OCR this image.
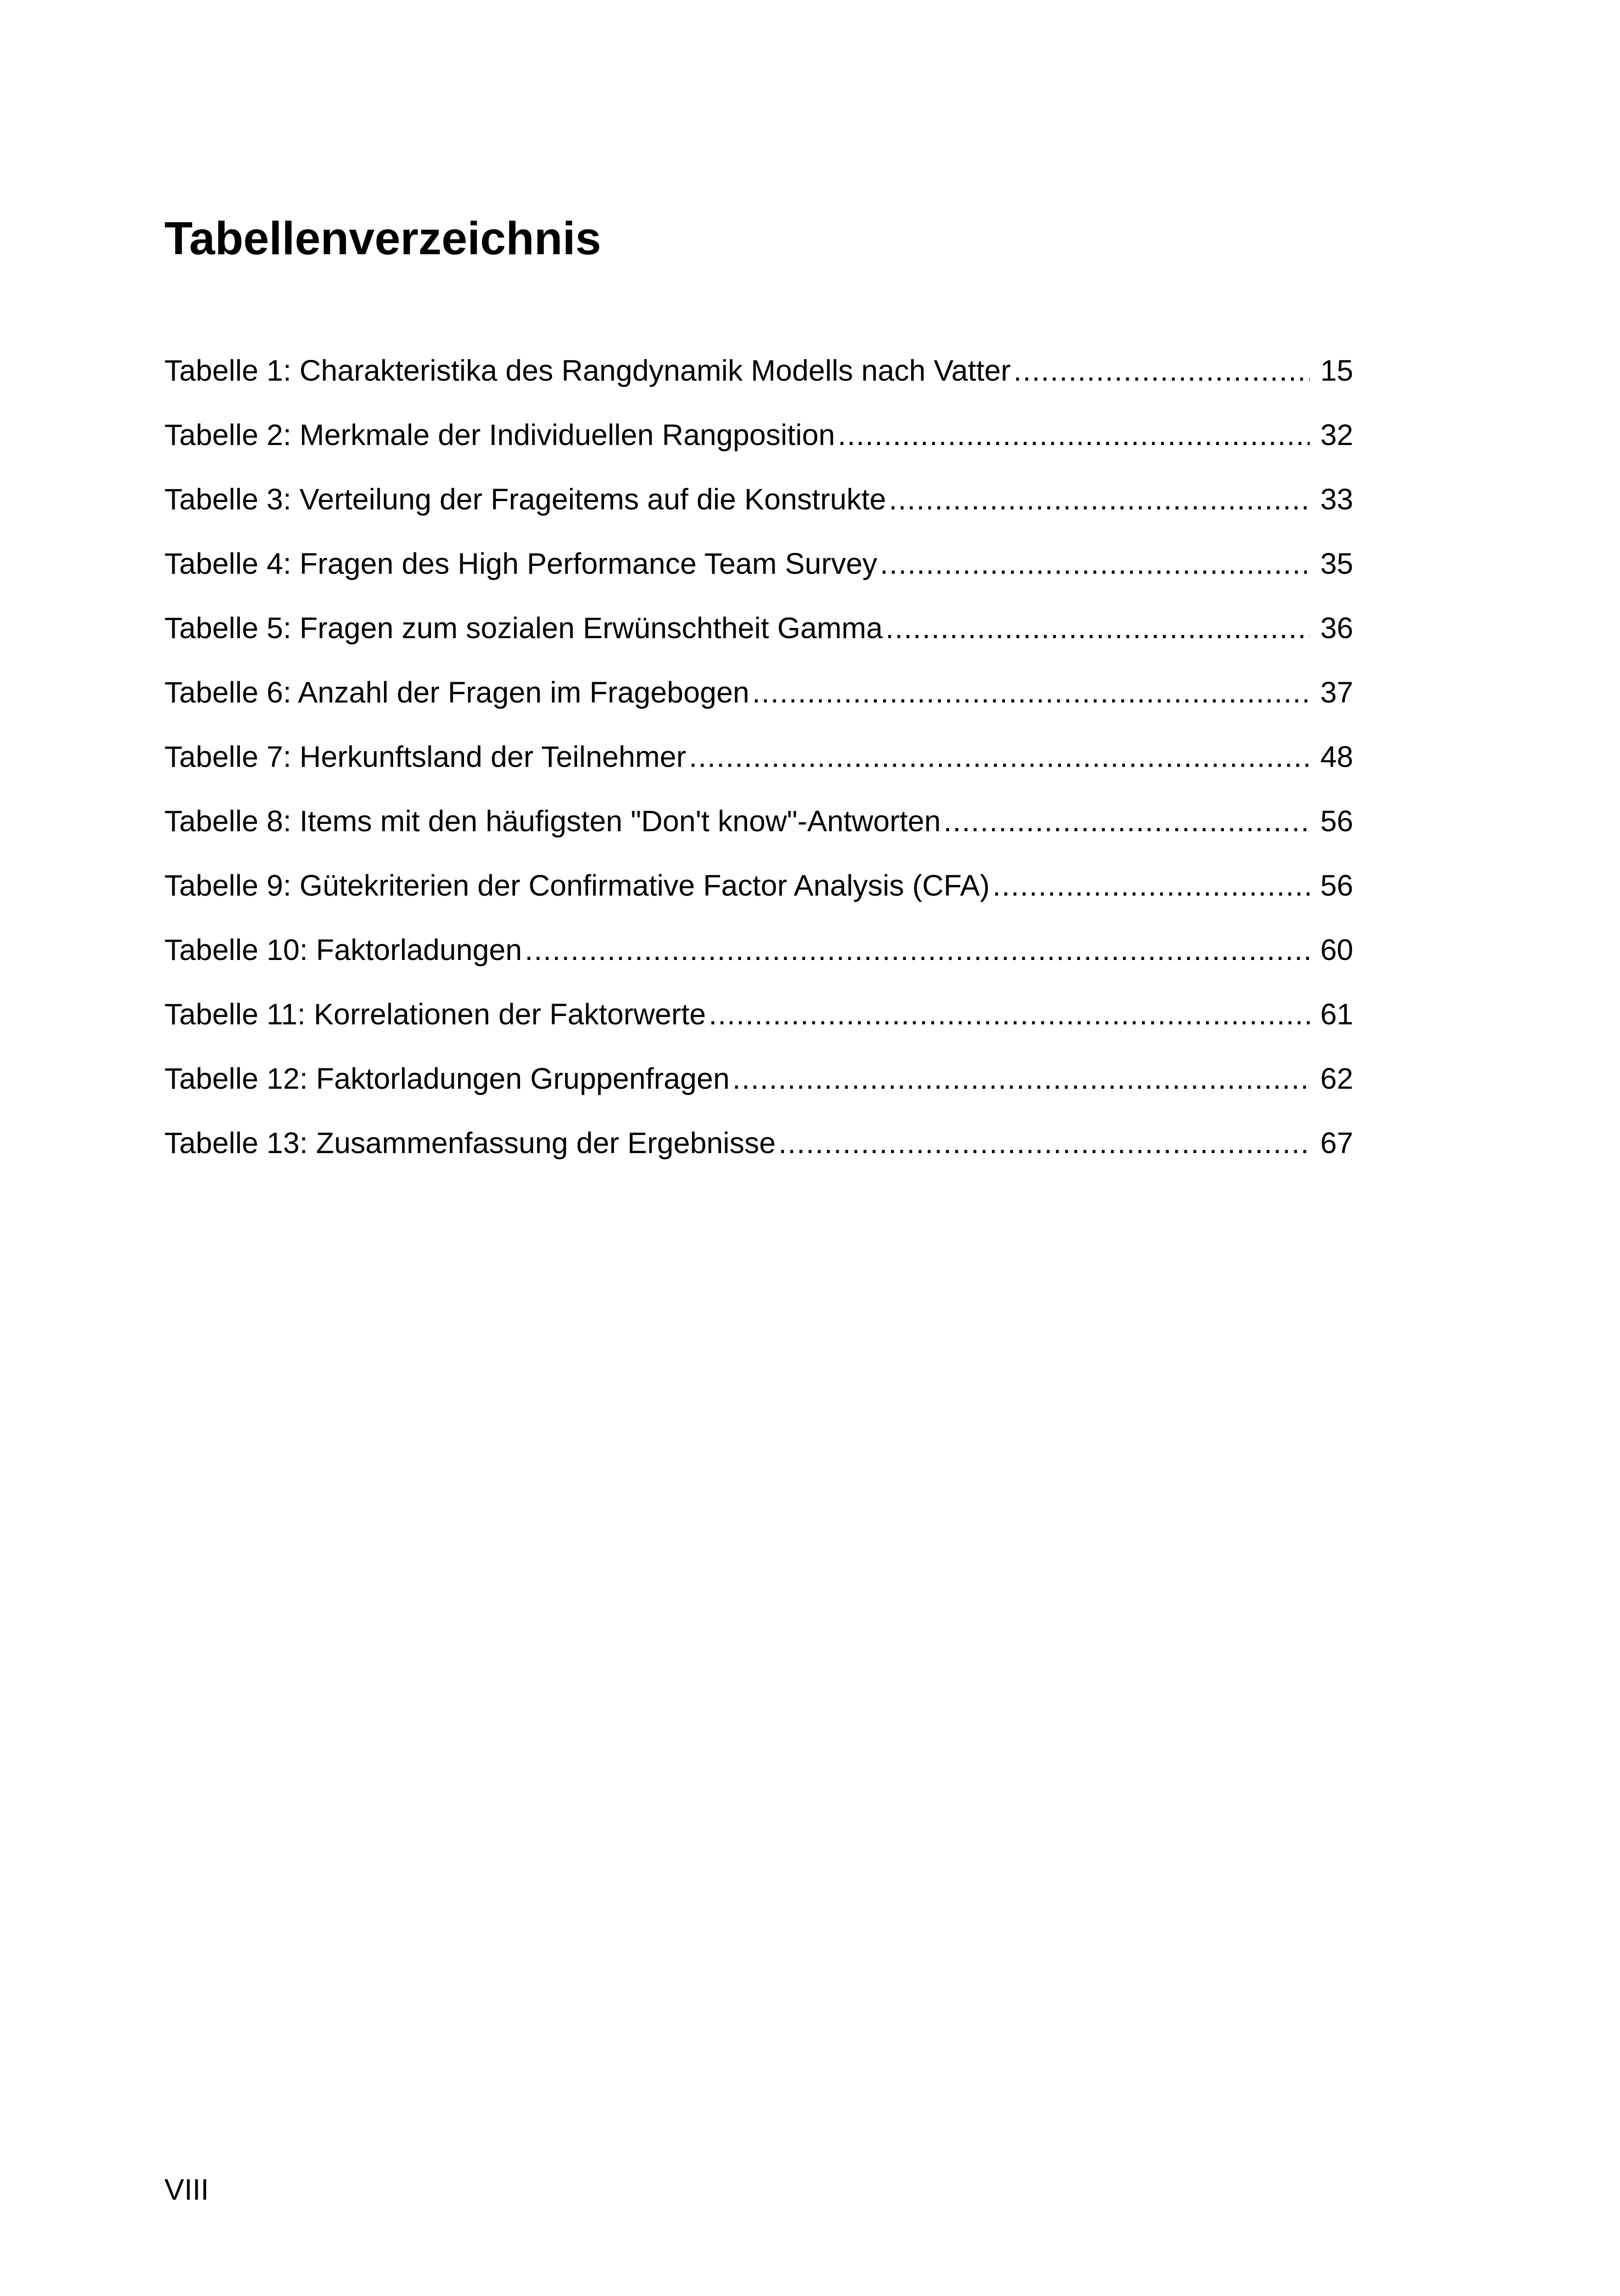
Tabellenverzeichnis
Tabelle 1: Charakteristika des Rangdynamik Modells nach Vatter .....	15
Tabelle 2: Merkmale der Individuellen Rangposition .....	32
Tabelle 3: Verteilung der Frageitems auf die Konstrukte .....	33
Tabelle 4: Fragen des High Performance Team Survey .....	35
Tabelle 5: Fragen zum sozialen Erwünschtheit Gamma .....	36
Tabelle 6: Anzahl der Fragen im Fragebogen .....	37
Tabelle 7: Herkunftsland der Teilnehmer .....	48
Tabelle 8: Items mit den häufigsten "Don't know"-Antworten .....	56
Tabelle 9: Gütekriterien der Confirmative Factor Analysis (CFA) .....	56
Tabelle 10: Faktorladungen .....	60
Tabelle 11: Korrelationen der Faktorwerte .....	61
Tabelle 12: Faktorladungen Gruppenfragen .....	62
Tabelle 13: Zusammenfassung der Ergebnisse .....	67
VIII
